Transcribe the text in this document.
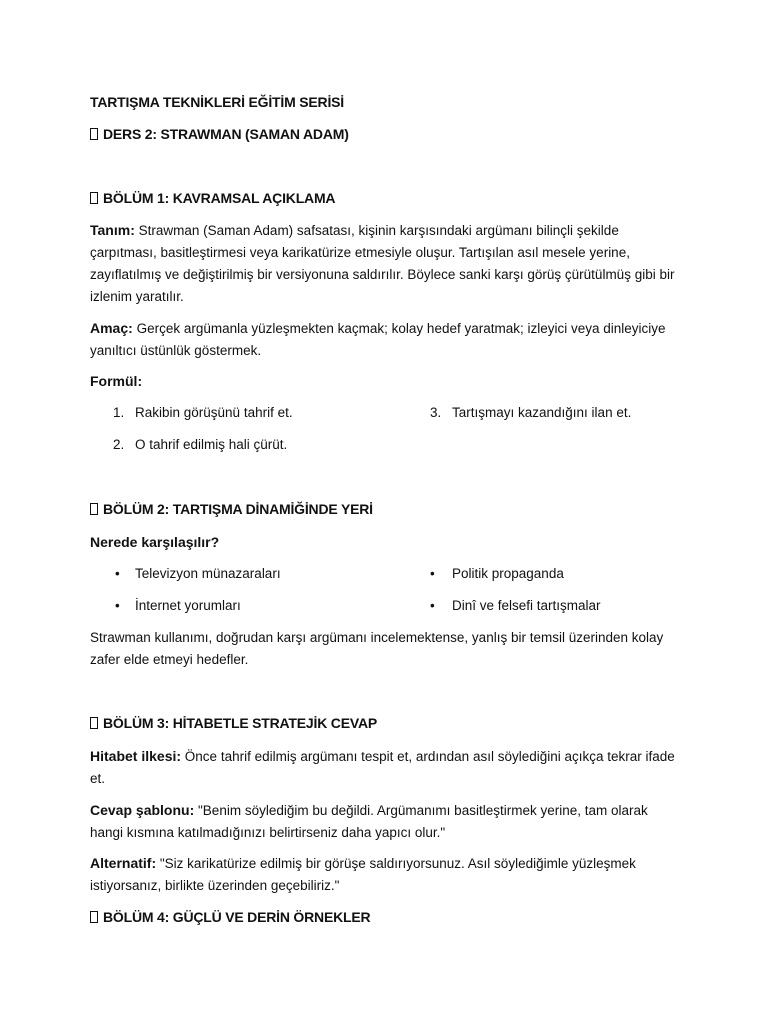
TARTIŞMA TEKNİKLERİ EĞİTİM SERİSİ
DERS 2: STRAWMAN (SAMAN ADAM)
BÖLÜM 1: KAVRAMSAL AÇIKLAMA
Tanım: Strawman (Saman Adam) safsatası, kişinin karşısındaki argümanı bilinçli şekilde çarpıtması, basitleştirmesi veya karikatürize etmesiyle oluşur. Tartışılan asıl mesele yerine, zayıflatılmış ve değiştirilmiş bir versiyonuna saldırılır. Böylece sanki karşı görüş çürütülmüş gibi bir izlenim yaratılır.
Amaç: Gerçek argümanla yüzleşmekten kaçmak; kolay hedef yaratmak; izleyici veya dinleyiciye yanıltıcı üstünlük göstermek.
Formül:
1. Rakibin görüşünü tahrif et.
2. O tahrif edilmiş hali çürüt.
3. Tartışmayı kazandığını ilan et.
BÖLÜM 2: TARTIŞMA DİNAMİĞİNDE YERİ
Nerede karşılaşılır?
• Televizyon münazaraları
• İnternet yorumları
• Politik propaganda
• Dinî ve felsefi tartışmalar
Strawman kullanımı, doğrudan karşı argümanı incelemektense, yanlış bir temsil üzerinden kolay zafer elde etmeyi hedefler.
BÖLÜM 3: HİTABETLE STRATEJİK CEVAP
Hitabet ilkesi: Önce tahrif edilmiş argümanı tespit et, ardından asıl söylediğini açıkça tekrar ifade et.
Cevap şablonu: "Benim söylediğim bu değildi. Argümanımı basitleştirmek yerine, tam olarak hangi kısmına katılmadığınızı belirtirseniz daha yapıcı olur."
Alternatif: "Siz karikatürize edilmiş bir görüşe saldırıyorsunuz. Asıl söylediğimle yüzleşmek istiyorsanız, birlikte üzerinden geçebiliriz."
BÖLÜM 4: GÜÇLÜ VE DERİN ÖRNEKLER
